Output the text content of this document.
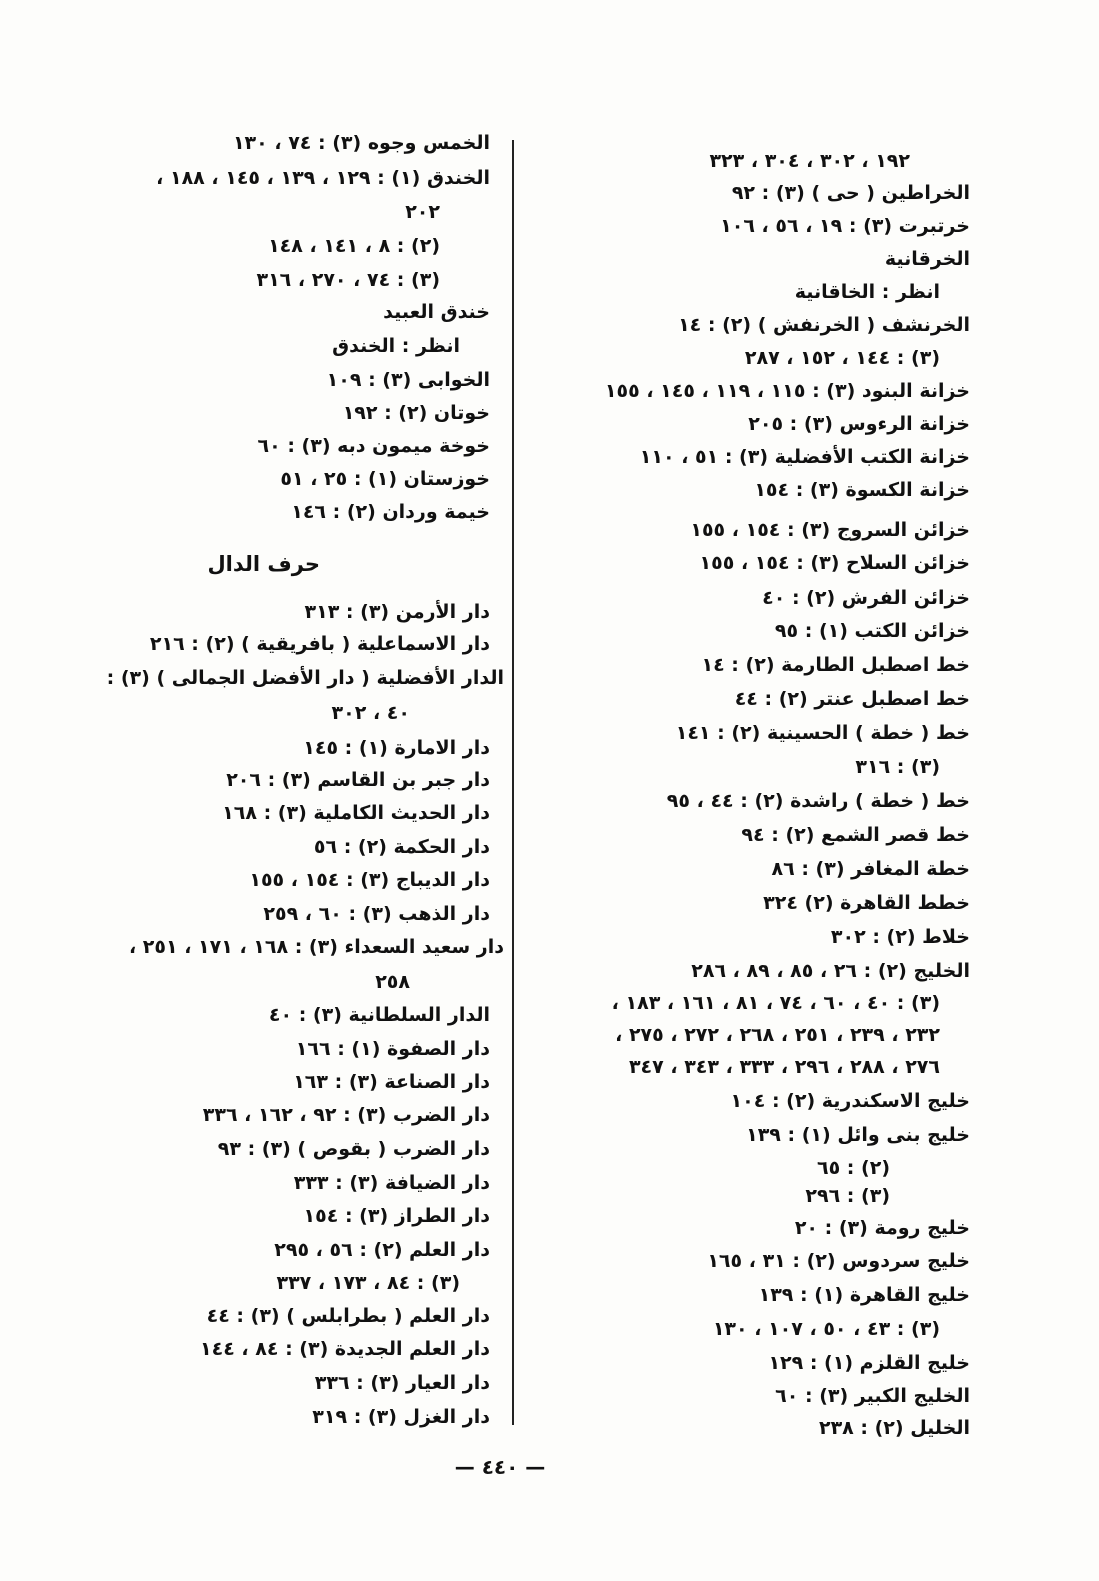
١٩٢ ، ٣٠٢ ، ٣٠٤ ، ٣٢٣
الخراطين ( حى ) (٣) : ٩٢
خرتبرت (٣) : ١٩ ، ٥٦ ، ١٠٦
الخرقانية
انظر : الخاقانية
الخرنشف ( الخرنفش ) (٢) : ١٤
(٣) : ١٤٤ ، ١٥٢ ، ٢٨٧
خزانة البنود (٣) : ١١٥ ، ١١٩ ، ١٤٥ ، ١٥٥
خزانة الرءوس (٣) : ٢٠٥
خزانة الكتب الأفضلية (٣) : ٥١ ، ١١٠
خزانة الكسوة (٣) : ١٥٤
خزائن السروج (٣) : ١٥٤ ، ١٥٥
خزائن السلاح (٣) : ١٥٤ ، ١٥٥
خزائن الفرش (٢) : ٤٠
خزائن الكتب (١) : ٩٥
خط اصطبل الطارمة (٢) : ١٤
خط اصطبل عنتر (٢) : ٤٤
خط ( خطة ) الحسينية (٢) : ١٤١
(٣) : ٣١٦
خط ( خطة ) راشدة (٢) : ٤٤ ، ٩٥
خط قصر الشمع (٢) : ٩٤
خطة المغافر (٣) : ٨٦
خطط القاهرة (٢) ٣٢٤
خلاط (٢) : ٣٠٢
الخليج (٢) : ٢٦ ، ٨٥ ، ٨٩ ، ٢٨٦
(٣) : ٤٠ ، ٦٠ ، ٧٤ ، ٨١ ، ١٦١ ، ١٨٣ ،
٢٣٢ ، ٢٣٩ ، ٢٥١ ، ٢٦٨ ، ٢٧٢ ، ٢٧٥ ،
٢٧٦ ، ٢٨٨ ، ٢٩٦ ، ٣٣٣ ، ٣٤٣ ، ٣٤٧
خليج الاسكندرية (٢) : ١٠٤
خليج بنى وائل (١) : ١٣٩
(٢) : ٦٥
(٣) : ٢٩٦
خليج رومة (٣) : ٢٠
خليج سردوس (٢) : ٣١ ، ١٦٥
خليج القاهرة (١) : ١٣٩
(٣) : ٤٣ ، ٥٠ ، ١٠٧ ، ١٣٠
خليج القلزم (١) : ١٢٩
الخليج الكبير (٣) : ٦٠
الخليل (٢) : ٢٣٨
الخمس وجوه (٣) : ٧٤ ، ١٣٠
الخندق (١) : ١٢٩ ، ١٣٩ ، ١٤٥ ، ١٨٨ ،
٢٠٢
(٢) : ٨ ، ١٤١ ، ١٤٨
(٣) : ٧٤ ، ٢٧٠ ، ٣١٦
خندق العبيد
انظر : الخندق
الخوابى (٣) : ١٠٩
خوتان (٢) : ١٩٢
خوخة ميمون دبه (٣) : ٦٠
خوزستان (١) : ٢٥ ، ٥١
خيمة وردان (٢) : ١٤٦
حرف الدال
دار الأرمن (٣) : ٣١٣
دار الاسماعلية ( بافريقية ) (٢) : ٢١٦
الدار الأفضلية ( دار الأفضل الجمالى ) (٣) :
٤٠ ، ٣٠٢
دار الامارة (١) : ١٤٥
دار جبر بن القاسم (٣) : ٢٠٦
دار الحديث الكاملية (٣) : ١٦٨
دار الحكمة (٢) : ٥٦
دار الديباج (٣) : ١٥٤ ، ١٥٥
دار الذهب (٣) : ٦٠ ، ٢٥٩
دار سعيد السعداء (٣) : ١٦٨ ، ١٧١ ، ٢٥١ ،
٢٥٨
الدار السلطانية (٣) : ٤٠
دار الصفوة (١) : ١٦٦
دار الصناعة (٣) : ١٦٣
دار الضرب (٣) : ٩٢ ، ١٦٢ ، ٣٣٦
دار الضرب ( بقوص ) (٣) : ٩٣
دار الضيافة (٣) : ٣٣٣
دار الطراز (٣) : ١٥٤
دار العلم (٢) : ٥٦ ، ٢٩٥
(٣) : ٨٤ ، ١٧٣ ، ٣٣٧
دار العلم ( بطرابلس ) (٣) : ٤٤
دار العلم الجديدة (٣) : ٨٤ ، ١٤٤
دار العيار (٣) : ٣٣٦
دار الغزل (٣) : ٣١٩
— ٤٤٠ —
